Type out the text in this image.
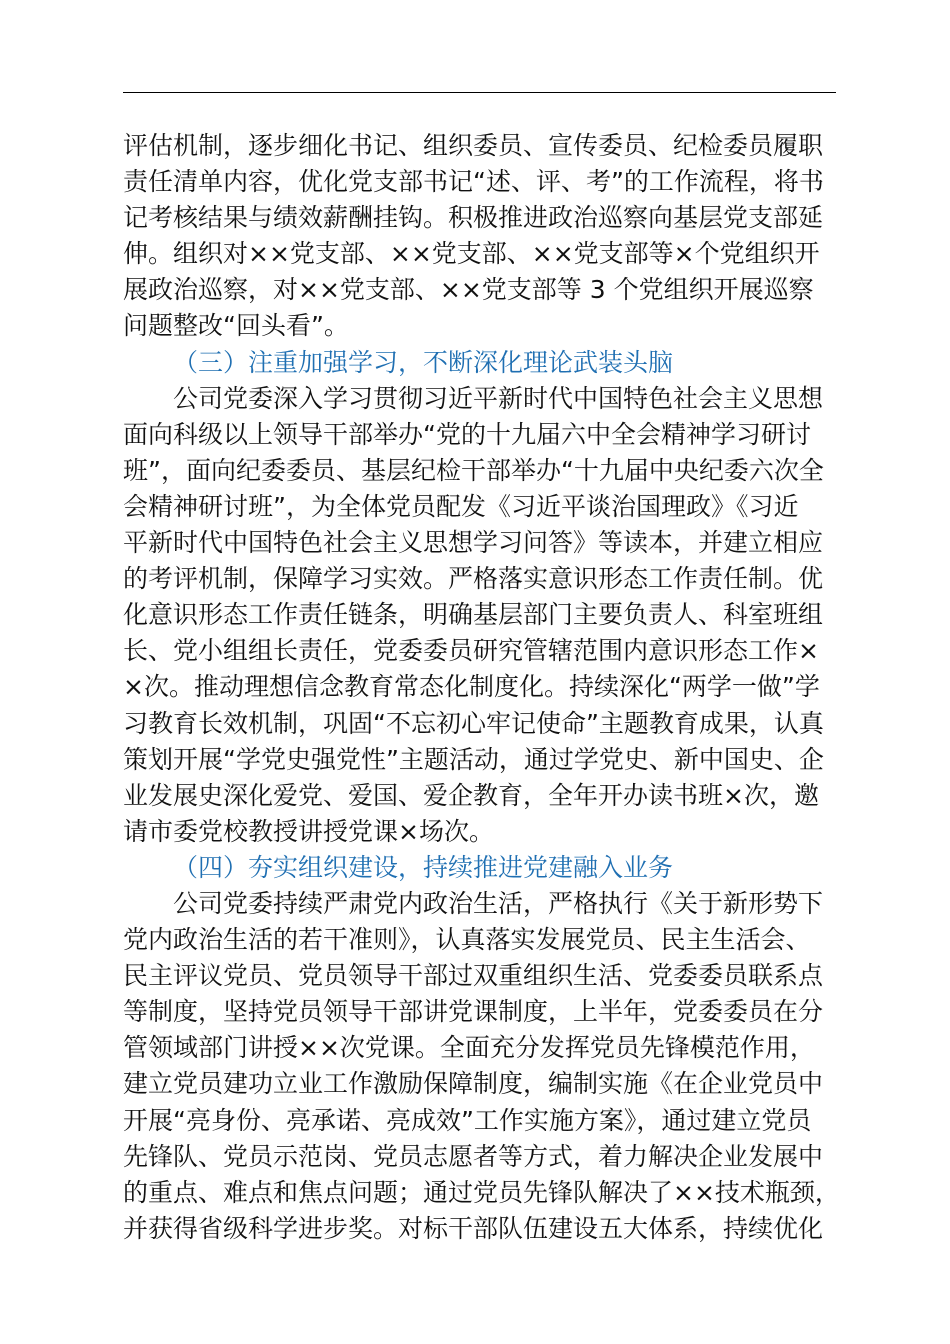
评估机制，逐步细化书记、组织委员、宣传委员、纪检委员履职
责任清单内容，优化党支部书记“述、评、考”的工作流程，将书
记考核结果与绩效薪酬挂钩。积极推进政治巡察向基层党支部延
伸。组织对××党支部、××党支部、××党支部等×个党组织开
展政治巡察，对××党支部、××党支部等 3 个党组织开展巡察
问题整改“回头看”。
（三）注重加强学习，不断深化理论武装头脑
公司党委深入学习贯彻习近平新时代中国特色社会主义思想
面向科级以上领导干部举办“党的十九届六中全会精神学习研讨
班”，面向纪委委员、基层纪检干部举办“十九届中央纪委六次全
会精神研讨班”，为全体党员配发《习近平谈治国理政》《习近
平新时代中国特色社会主义思想学习问答》等读本，并建立相应
的考评机制，保障学习实效。严格落实意识形态工作责任制。优
化意识形态工作责任链条，明确基层部门主要负责人、科室班组
长、党小组组长责任，党委委员研究管辖范围内意识形态工作×
×次。推动理想信念教育常态化制度化。持续深化“两学一做”学
习教育长效机制，巩固“不忘初心牢记使命”主题教育成果，认真
策划开展“学党史强党性”主题活动，通过学党史、新中国史、企
业发展史深化爱党、爱国、爱企教育，全年开办读书班×次，邀
请市委党校教授讲授党课×场次。
（四）夯实组织建设，持续推进党建融入业务
公司党委持续严肃党内政治生活，严格执行《关于新形势下
党内政治生活的若干准则》，认真落实发展党员、民主生活会、
民主评议党员、党员领导干部过双重组织生活、党委委员联系点
等制度，坚持党员领导干部讲党课制度，上半年，党委委员在分
管领域部门讲授××次党课。全面充分发挥党员先锋模范作用，
建立党员建功立业工作激励保障制度，编制实施《在企业党员中
开展“亮身份、亮承诺、亮成效”工作实施方案》，通过建立党员
先锋队、党员示范岗、党员志愿者等方式，着力解决企业发展中
的重点、难点和焦点问题；通过党员先锋队解决了××技术瓶颈，
并获得省级科学进步奖。对标干部队伍建设五大体系，持续优化
